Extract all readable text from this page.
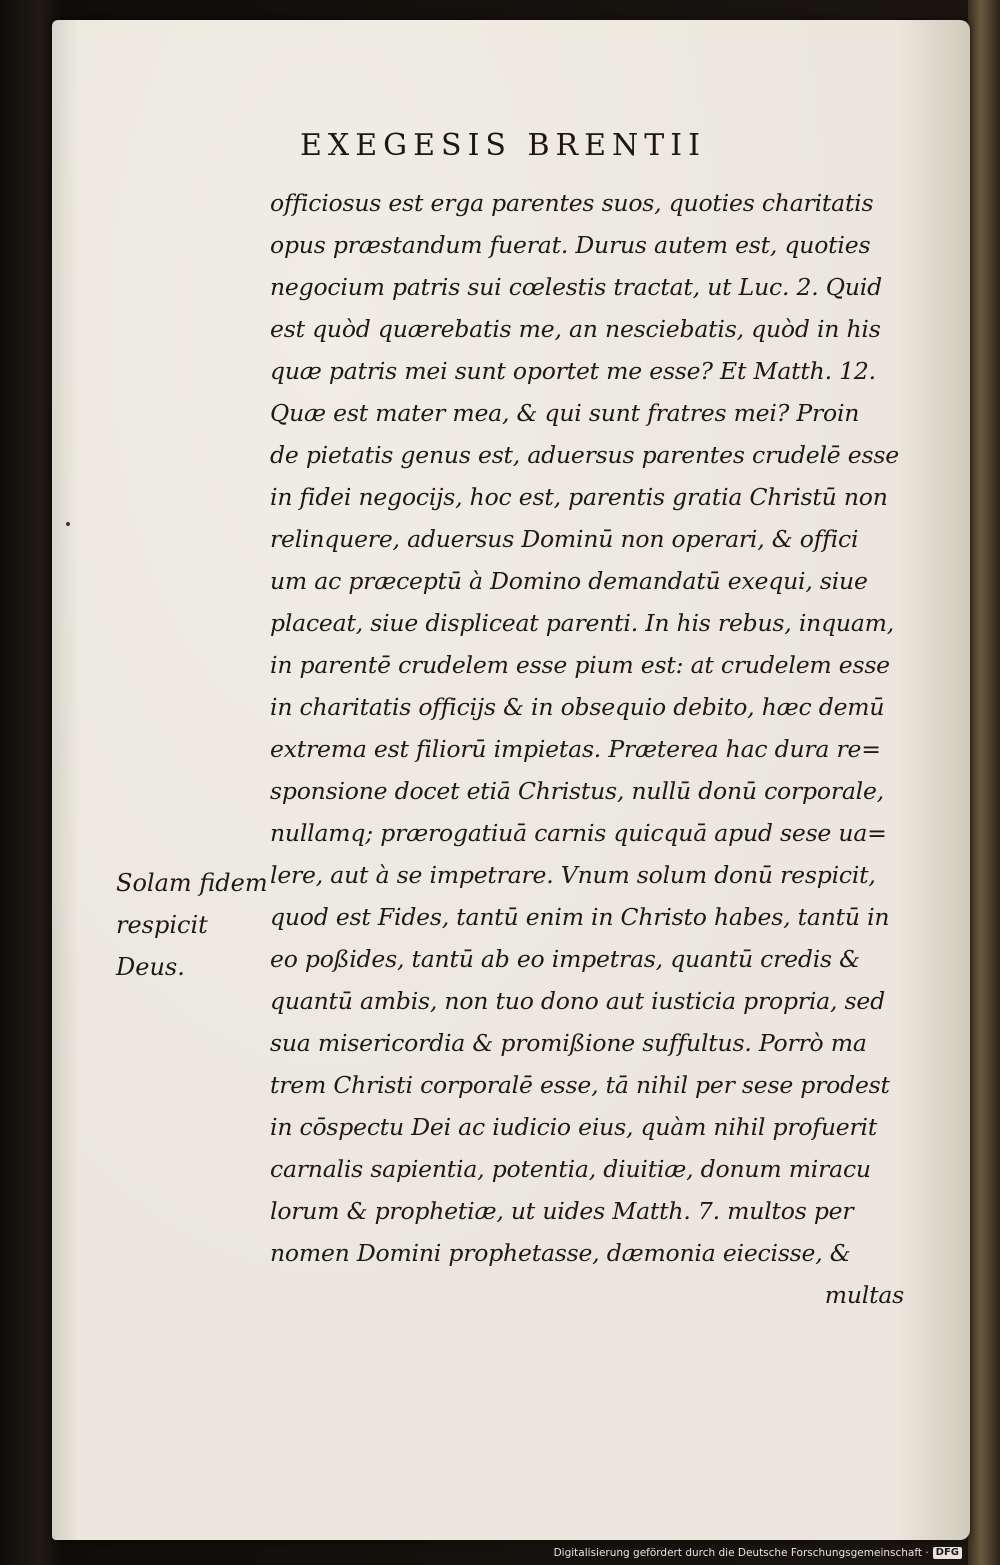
EXEGESIS BRENTII
officiosus est erga parentes suos, quoties charitatis
opus præstandum fuerat. Durus autem est, quoties
negocium patris sui cœlestis tractat, ut Luc. 2. Quid
est quòd quærebatis me, an nesciebatis, quòd in his
quæ patris mei sunt oportet me esse? Et Matth. 12.
Quæ est mater mea, & qui sunt fratres mei? Proin
de pietatis genus est, aduersus parentes crudelē esse
in fidei negocijs, hoc est, parentis gratia Christū non
relinquere, aduersus Dominū non operari, & offici
um ac præceptū à Domino demandatū exequi, siue
placeat, siue displiceat parenti. In his rebus, inquam,
in parentē crudelem esse pium est: at crudelem esse
in charitatis officijs & in obsequio debito, hæc demū
extrema est filiorū impietas. Præterea hac dura re=
sponsione docet etiā Christus, nullū donū corporale,
nullamq; prærogatiuā carnis quicquā apud sese ua=
lere, aut à se impetrare. Vnum solum donū respicit,
quod est Fides, tantū enim in Christo habes, tantū in
eo poßides, tantū ab eo impetras, quantū credis &
quantū ambis, non tuo dono aut iusticia propria, sed
sua misericordia & promißione suffultus. Porrò ma
trem Christi corporalē esse, tā nihil per sese prodest
in cōspectu Dei ac iudicio eius, quàm nihil profuerit
carnalis sapientia, potentia, diuitiæ, donum miracu
lorum & prophetiæ, ut uides Matth. 7. multos per
nomen Domini prophetasse, dæmonia eiecisse, &
multas
Solam fidem
respicit
Deus.
Digitalisierung gefördert durch die Deutsche Forschungsgemeinschaft · DFG
